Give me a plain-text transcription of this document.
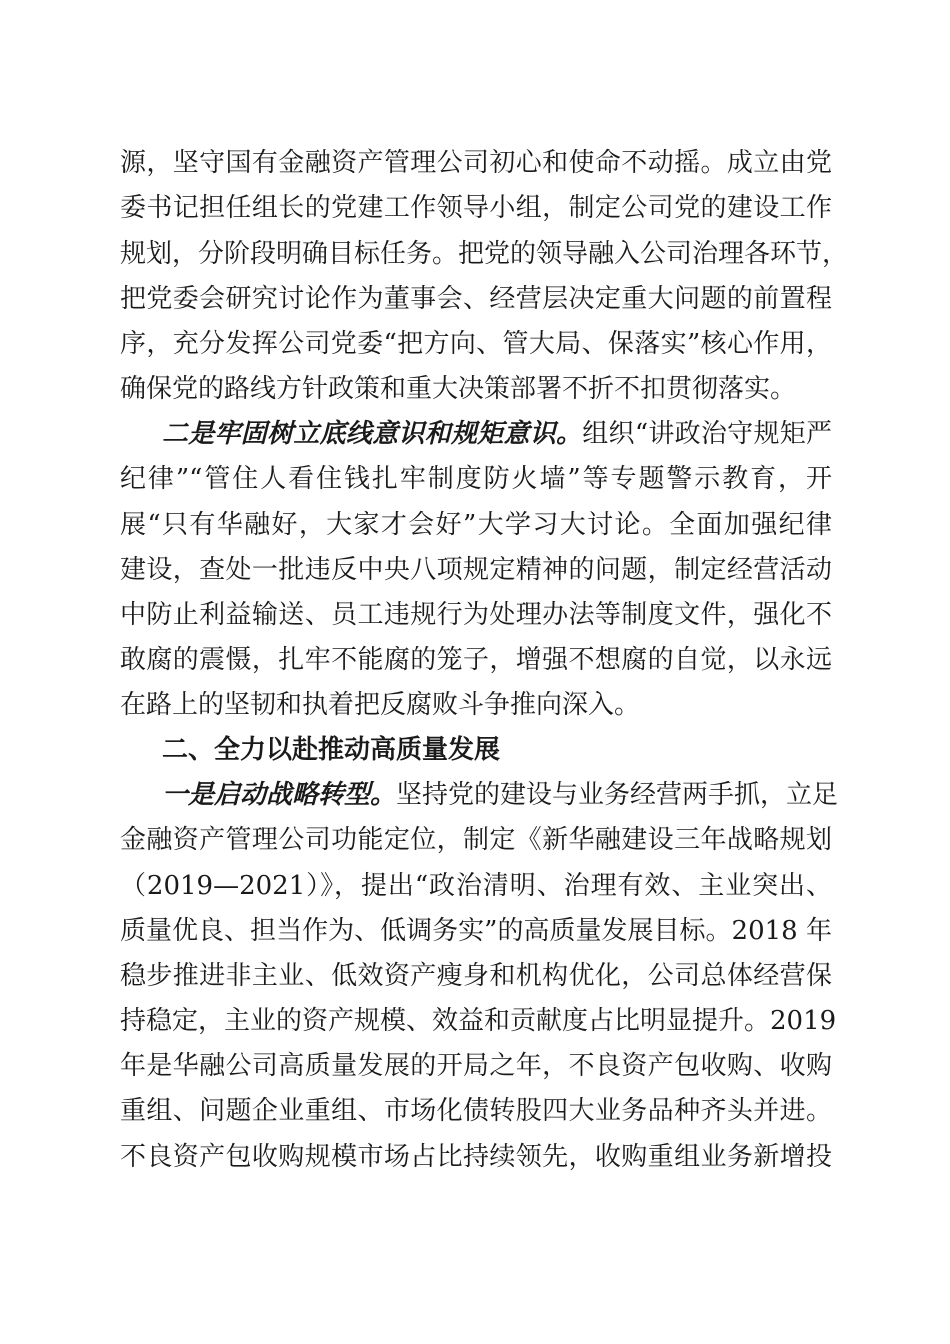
源，坚守国有金融资产管理公司初心和使命不动摇。成立由党
委书记担任组长的党建工作领导小组，制定公司党的建设工作
规划，分阶段明确目标任务。把党的领导融入公司治理各环节，
把党委会研究讨论作为董事会、经营层决定重大问题的前置程
序，充分发挥公司党委“把方向、管大局、保落实”核心作用，
确保党的路线方针政策和重大决策部署不折不扣贯彻落实。
二是牢固树立底线意识和规矩意识。组织“讲政治守规矩严
纪律”“管住人看住钱扎牢制度防火墙”等专题警示教育，开
展“只有华融好，大家才会好”大学习大讨论。全面加强纪律
建设，查处一批违反中央八项规定精神的问题，制定经营活动
中防止利益输送、员工违规行为处理办法等制度文件，强化不
敢腐的震慑，扎牢不能腐的笼子，增强不想腐的自觉，以永远
在路上的坚韧和执着把反腐败斗争推向深入。
二、全力以赴推动高质量发展
一是启动战略转型。坚持党的建设与业务经营两手抓，立足
金融资产管理公司功能定位，制定《新华融建设三年战略规划
（2019—2021）》，提出“政治清明、治理有效、主业突出、
质量优良、担当作为、低调务实”的高质量发展目标。2018 年
稳步推进非主业、低效资产瘦身和机构优化，公司总体经营保
持稳定，主业的资产规模、效益和贡献度占比明显提升。2019
年是华融公司高质量发展的开局之年，不良资产包收购、收购
重组、问题企业重组、市场化债转股四大业务品种齐头并进。
不良资产包收购规模市场占比持续领先，收购重组业务新增投
